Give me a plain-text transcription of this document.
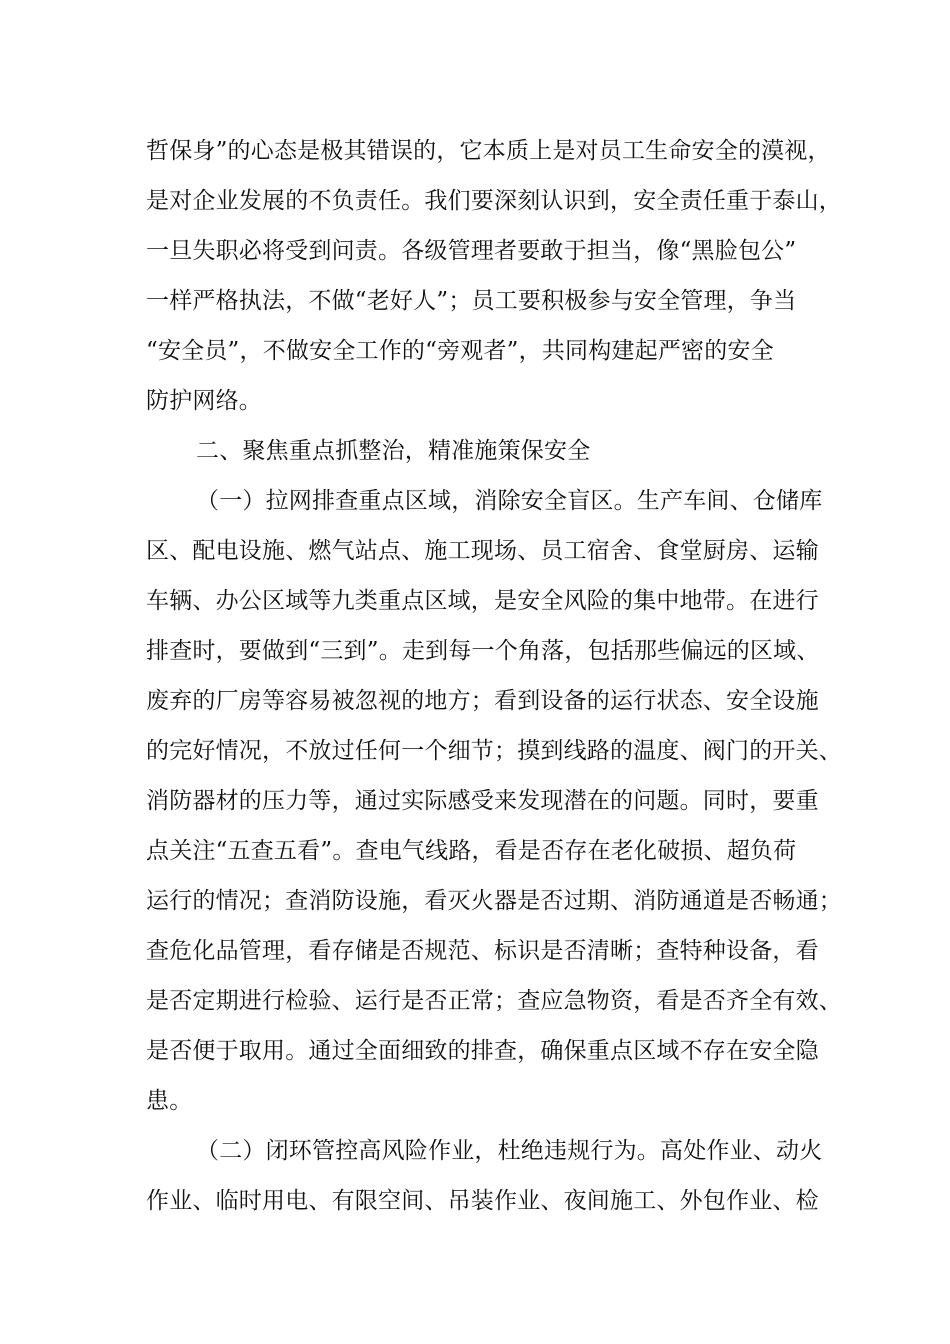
哲保身”的心态是极其错误的，它本质上是对员工生命安全的漠视，
是对企业发展的不负责任。我们要深刻认识到，安全责任重于泰山，
一旦失职必将受到问责。各级管理者要敢于担当，像“黑脸包公”
一样严格执法，不做“老好人”；员工要积极参与安全管理，争当
“安全员”，不做安全工作的“旁观者”，共同构建起严密的安全
防护网络。
二、聚焦重点抓整治，精准施策保安全
（一）拉网排查重点区域，消除安全盲区。生产车间、仓储库
区、配电设施、燃气站点、施工现场、员工宿舍、食堂厨房、运输
车辆、办公区域等九类重点区域，是安全风险的集中地带。在进行
排查时，要做到“三到”。走到每一个角落，包括那些偏远的区域、
废弃的厂房等容易被忽视的地方；看到设备的运行状态、安全设施
的完好情况，不放过任何一个细节；摸到线路的温度、阀门的开关、
消防器材的压力等，通过实际感受来发现潜在的问题。同时，要重
点关注“五查五看”。查电气线路，看是否存在老化破损、超负荷
运行的情况；查消防设施，看灭火器是否过期、消防通道是否畅通；
查危化品管理，看存储是否规范、标识是否清晰；查特种设备，看
是否定期进行检验、运行是否正常；查应急物资，看是否齐全有效、
是否便于取用。通过全面细致的排查，确保重点区域不存在安全隐
患。
（二）闭环管控高风险作业，杜绝违规行为。高处作业、动火
作业、临时用电、有限空间、吊装作业、夜间施工、外包作业、检
